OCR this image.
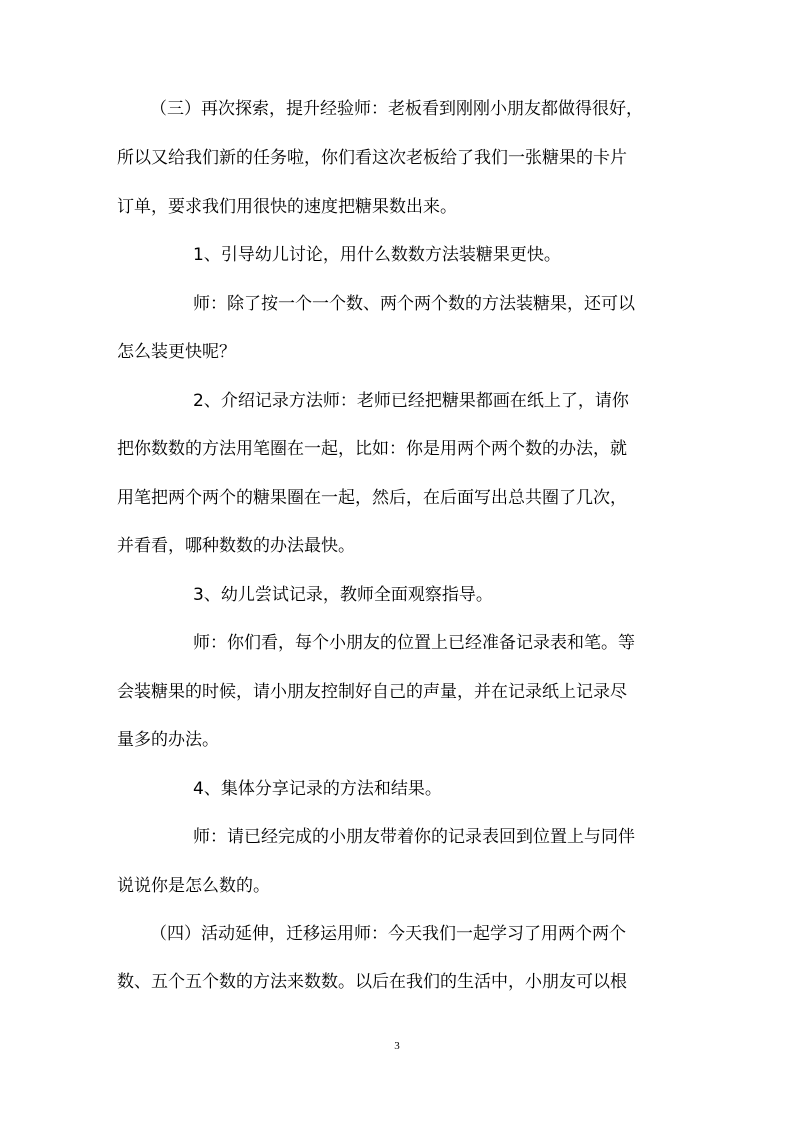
（三）再次探索，提升经验师：老板看到刚刚小朋友都做得很好，
所以又给我们新的任务啦，你们看这次老板给了我们一张糖果的卡片
订单，要求我们用很快的速度把糖果数出来。
1、引导幼儿讨论，用什么数数方法装糖果更快。
师：除了按一个一个数、两个两个数的方法装糖果，还可以
怎么装更快呢？
2、介绍记录方法师：老师已经把糖果都画在纸上了，请你
把你数数的方法用笔圈在一起，比如：你是用两个两个数的办法，就
用笔把两个两个的糖果圈在一起，然后，在后面写出总共圈了几次，
并看看，哪种数数的办法最快。
3、幼儿尝试记录，教师全面观察指导。
师：你们看，每个小朋友的位置上已经准备记录表和笔。等
会装糖果的时候，请小朋友控制好自己的声量，并在记录纸上记录尽
量多的办法。
4、集体分享记录的方法和结果。
师：请已经完成的小朋友带着你的记录表回到位置上与同伴
说说你是怎么数的。
（四）活动延伸，迁移运用师：今天我们一起学习了用两个两个
数、五个五个数的方法来数数。以后在我们的生活中，小朋友可以根
3
